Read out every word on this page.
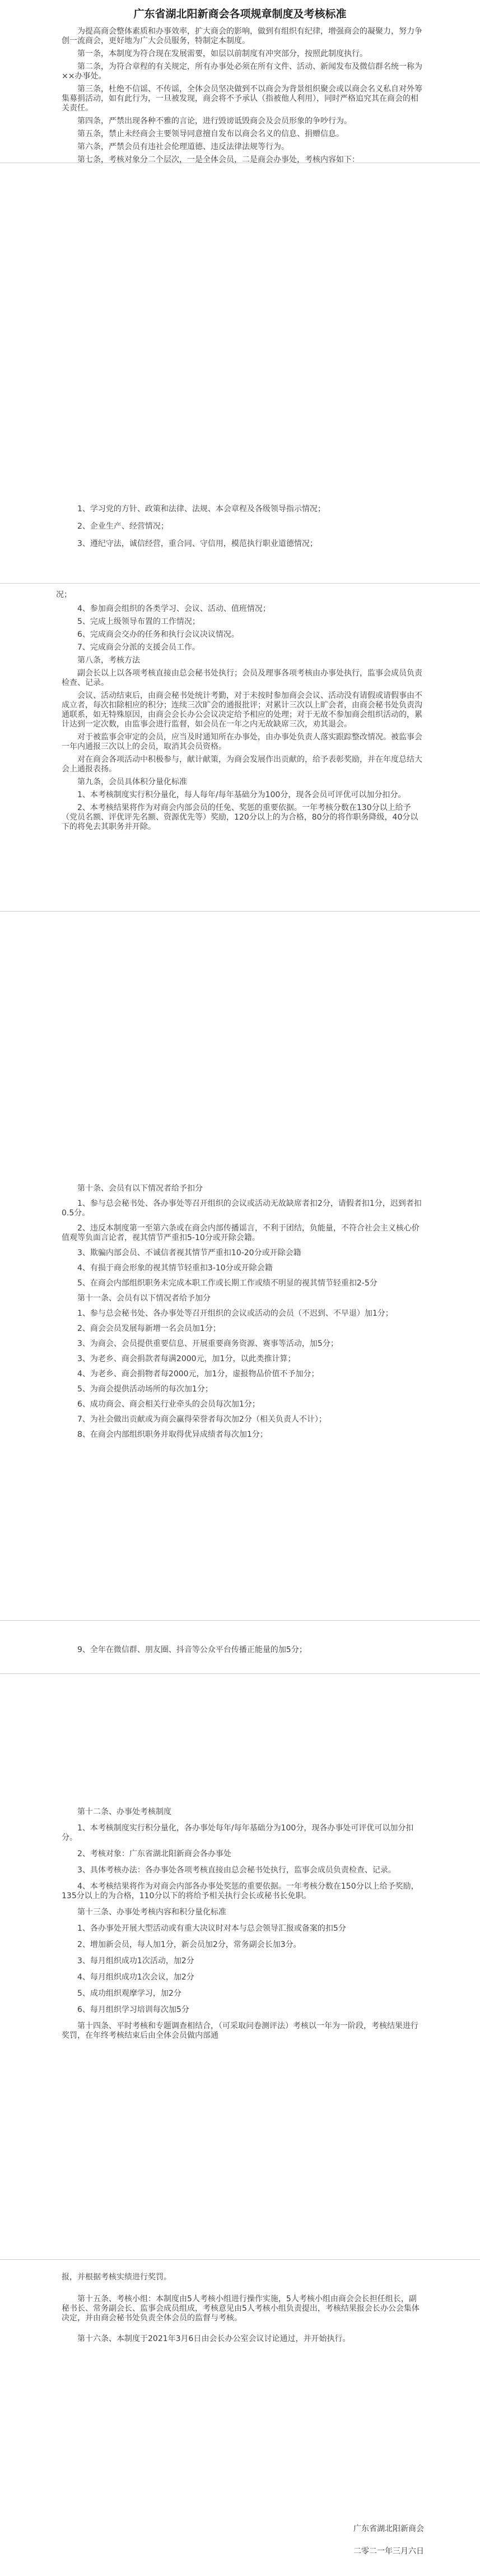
广东省湖北阳新商会各项规章制度及考核标准

为提高商会整体素质和办事效率，扩大商会的影响，做到有组织有纪律，增强商会的凝聚力，努力争创一流商会，更好地为广大会员服务，特制定本制度。

第一条，本制度为符合现在发展需要，如层以前制度有冲突部分，按照此制度执行。

第二条，为符合章程的有关规定，所有办事处必须在所有文件、活动、新闻发布及微信群名统一称为××办事处。

第三条，杜绝不信谣、不传谣，全体会员坚决做到不以商会为背景组织聚会或以商会名义私自对外筹集募捐活动，如有此行为，一旦被发现，商会将不予承认（指被他人利用），同时严格追究其在商会的相关责任。

第四条，严禁出现各种不雅的言论，进行毁谤诋毁商会及会员形象的争吵行为。

第五条，禁止未经商会主要领导同意擅自发布以商会名义的信息、捐赠信息。

第六条，严禁会员有违社会伦理道德、违反法律法规等行为。

第七条，考核对象分二个层次，一是全体会员，二是商会办事处，考核内容如下：

1、学习党的方针、政策和法律、法规、本会章程及各级领导指示情况；

2、企业生产、经营情况；

3、遵纪守法，诚信经营，重合同、守信用，模范执行职业道德情况；

况；

4、参加商会组织的各类学习、会议、活动、值班情况；

5、完成上级领导布置的工作情况；

6、完成商会交办的任务和执行会议决议情况。

7、完成商会分派的支援会员工作。

第八条，考核方法

副会长以上以各项考核直接由总会秘书处执行；会员及理事各项考核由办事处执行，监事会成员负责检查、记录。

会议、活动结束后，由商会秘书处统计考勤，对于未按时参加商会会议、活动没有请假或请假事由不成立者，每次扣除相应的积分；连续三次旷会的通报批评；对累计三次以上旷会者，由商会秘书处负责沟通联系，如无特殊原因，由商会会长办公会议决定给予相应的处理；对于无故不参加商会组织活动的，累计达到一定次数，由监事会进行监督，如会员在一年之内无故缺席三次，劝其退会。

对于被监事会审定的会员，应当及时通知所在办事处，由办事处负责人落实跟踪整改情况。被监事会一年内通报三次以上的会员，取消其会员资格。

对在商会各项活动中积极参与，献计献策，为商会发展作出贡献的，给予表彰奖励，并在年度总结大会上通报表扬。

第九条，会员具体积分量化标准

1、本考核制度实行积分量化，每人每年/每年基础分为100分，现各会员可评优可以加分扣分。

2、本考核结果将作为对商会内部会员的任免、奖惩的重要依据。一年考核分数在130分以上给予（党员名额、评优评先名额、资源优先等）奖励，120分以上的为合格，80分的将作职务降级，40分以下的将免去其职务并开除。

第十条、会员有以下情况者给予扣分

1、参与总会秘书处、各办事处等召开组织的会议或活动无故缺席者扣2分，请假者扣1分，迟到者扣0.5分。

2、违反本制度第一至第六条或在商会内部传播谣言，不利于团结，负能量，不符合社会主义核心价值观等负面言论者，视其情节严重扣5-10分或开除会籍。

3、欺骗内部会员、不诚信者视其情节严重扣10-20分或开除会籍

4、有损于商会形象的视其情节轻重扣3-10分或开除会籍

5、在商会内部组织职务未完成本职工作或长期工作或绩不明显的视其情节轻重扣2-5分

第十一条、会员有以下情况者给予加分

1、参与总会秘书处、各办事处等召开组织的会议或活动的会员（不迟到、不早退）加1分；

2、商会会员发展每新增一名会员加1分；

3、为商会、会员提供重要信息、开展重要商务资源、赛事等活动，加5分；

3、为老乡、商会捐款者每满2000元，加1分，以此类推计算；

4、为老乡、商会捐物者每2000元，加1分，虚报物品价值不予加分；

5、为商会提供活动场所的每次加1分；

6、成功商会、商会相关行业牵头的会员每次加1分；

7、为社会做出贡献或为商会赢得荣誉者每次加2分（相关负责人不计）；

8、在商会内部组织职务并取得优异成绩者每次加1分；

9、全年在微信群、朋友圈、抖音等公众平台传播正能量的加5分；

第十二条、办事处考核制度

1、本考核制度实行积分量化，各办事处每年/每年基础分为100分，现各办事处可评优可以加分扣分。

2、考核对象：广东省湖北阳新商会各办事处

3、具体考核办法：各办事处各项考核直接由总会秘书处执行，监事会成员负责检查、记录。

4、本考核结果将作为对商会内部各办事处奖惩的重要依据。一年考核分数在150分以上给予奖励，135分以上的为合格，110分以下的将给予相关执行会长或秘书长免职。

第十三条、办事处考核内容和积分量化标准

1、各办事处开展大型活动或有重大决议时对本与总会领导汇报或备案的扣5分

2、增加新会员，每人加1分，新会员加2分，常务副会长加3分。

3、每月组织成功1次活动，加2分

4、每月组织成功1次会议，加2分

5、成功组织观摩学习，加2分

6、每月组织学习培训每次加5分

第十四条、平时考核和专题调查相结合，（可采取问卷测评法）考核以一年为一阶段，考核结果进行奖罚，在年终考核结束后由全体会员做内部通

报，并根据考核实绩进行奖罚。

第十五条、考核小组：本制度由5人考核小组进行操作实施，5人考核小组由商会会长担任组长，副秘书长、常务副会长、监事会成员组成，考核意见由5人考核小组负责提出，考核结果报会长办公会集体决定，并由商会秘书处负责全体会员的监督与考核。

第十六条、本制度于2021年3月6日由会长办公室会议讨论通过，并开始执行。

广东省湖北阳新商会
二零二一年三月六日
